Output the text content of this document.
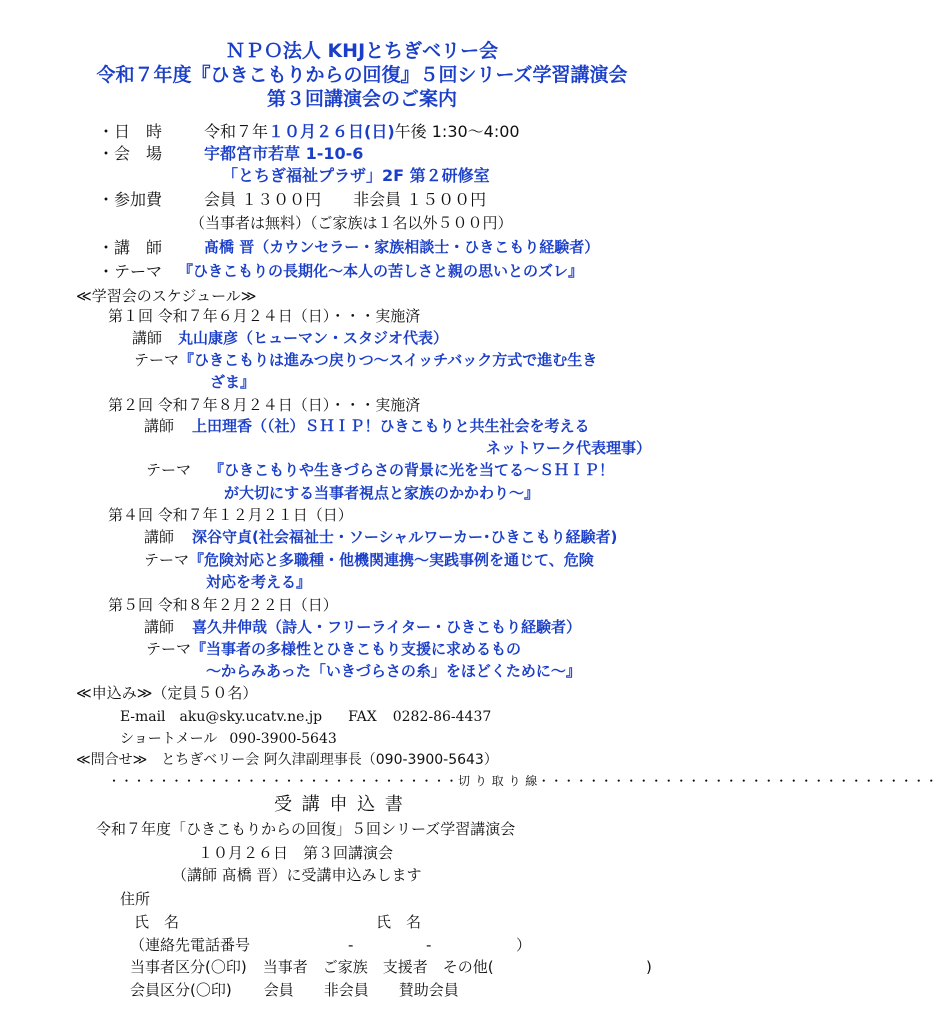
ＮＰＯ法人 KHJとちぎベリー会
令和７年度『ひきこもりからの回復』５回シリーズ学習講演会
第３回講演会のご案内
・日　時	令和７年１０月２６日(日)午後 1:30～4:00
・会　場	宇都宮市若草 1-10-6
「とちぎ福祉プラザ」2F 第２研修室
・参加費	会員 １３００円　　非会員 １５００円
（当事者は無料）（ご家族は１名以外５００円）
・講　師	髙橋 晋（カウンセラー・家族相談士・ひきこもり経験者）
・テーマ 『ひきこもりの長期化～本人の苦しさと親の思いとのズレ』
≪学習会のスケジュール≫
第１回 令和７年６月２４日（日）・・・実施済
講師 丸山康彦（ヒューマン・スタジオ代表）
テーマ『ひきこもりは進みつ戻りつ～スイッチバック方式で進む生き
ざま』
第２回 令和７年８月２４日（日）・・・実施済
講師 上田理香（（社）ＳＨＩＰ！ひきこもりと共生社会を考える
ネットワーク代表理事）
テーマ 『ひきこもりや生きづらさの背景に光を当てる～ＳＨＩＰ！
が大切にする当事者視点と家族のかかわり～』
第４回 令和７年１２月２１日（日）
講師 深谷守貞(社会福祉士・ソーシャルワーカー･ひきこもり経験者)
テーマ『危険対応と多職種・他機関連携～実践事例を通じて、危険
対応を考える』
第５回 令和８年２月２２日（日）
講師 喜久井伸哉（詩人・フリーライター・ひきこもり経験者）
テーマ『当事者の多様性とひきこもり支援に求めるもの
～からみあった「いきづらさの糸」をほどくために～』
≪申込み≫（定員５０名）
E‐mail aku@sky.ucatv.ne.jp FAX 0282‐86‐4437
ショートメール 090‐3900‐5643
≪問合せ≫　とちぎベリー会 阿久津副理事長（090‐3900‐5643）
・・・・・・・・・・・・・・・・・・・・・・・・・・・・切 り 取 り 線・・・・・・・・・・・・・・・・・・・・・・・・・・・・・・・・
受 講 申 込 書
令和７年度「ひきこもりからの回復」５回シリーズ学習講演会
１０月２６日　第３回講演会
（講師 髙橋 晋）に受講申込みします
住所
氏　名	氏　名
（連絡先電話番号	‐	‐	）
当事者区分(〇印) 当事者　ご家族　支援者　その他(	)
会員区分(〇印) 会員　　非会員　　賛助会員
